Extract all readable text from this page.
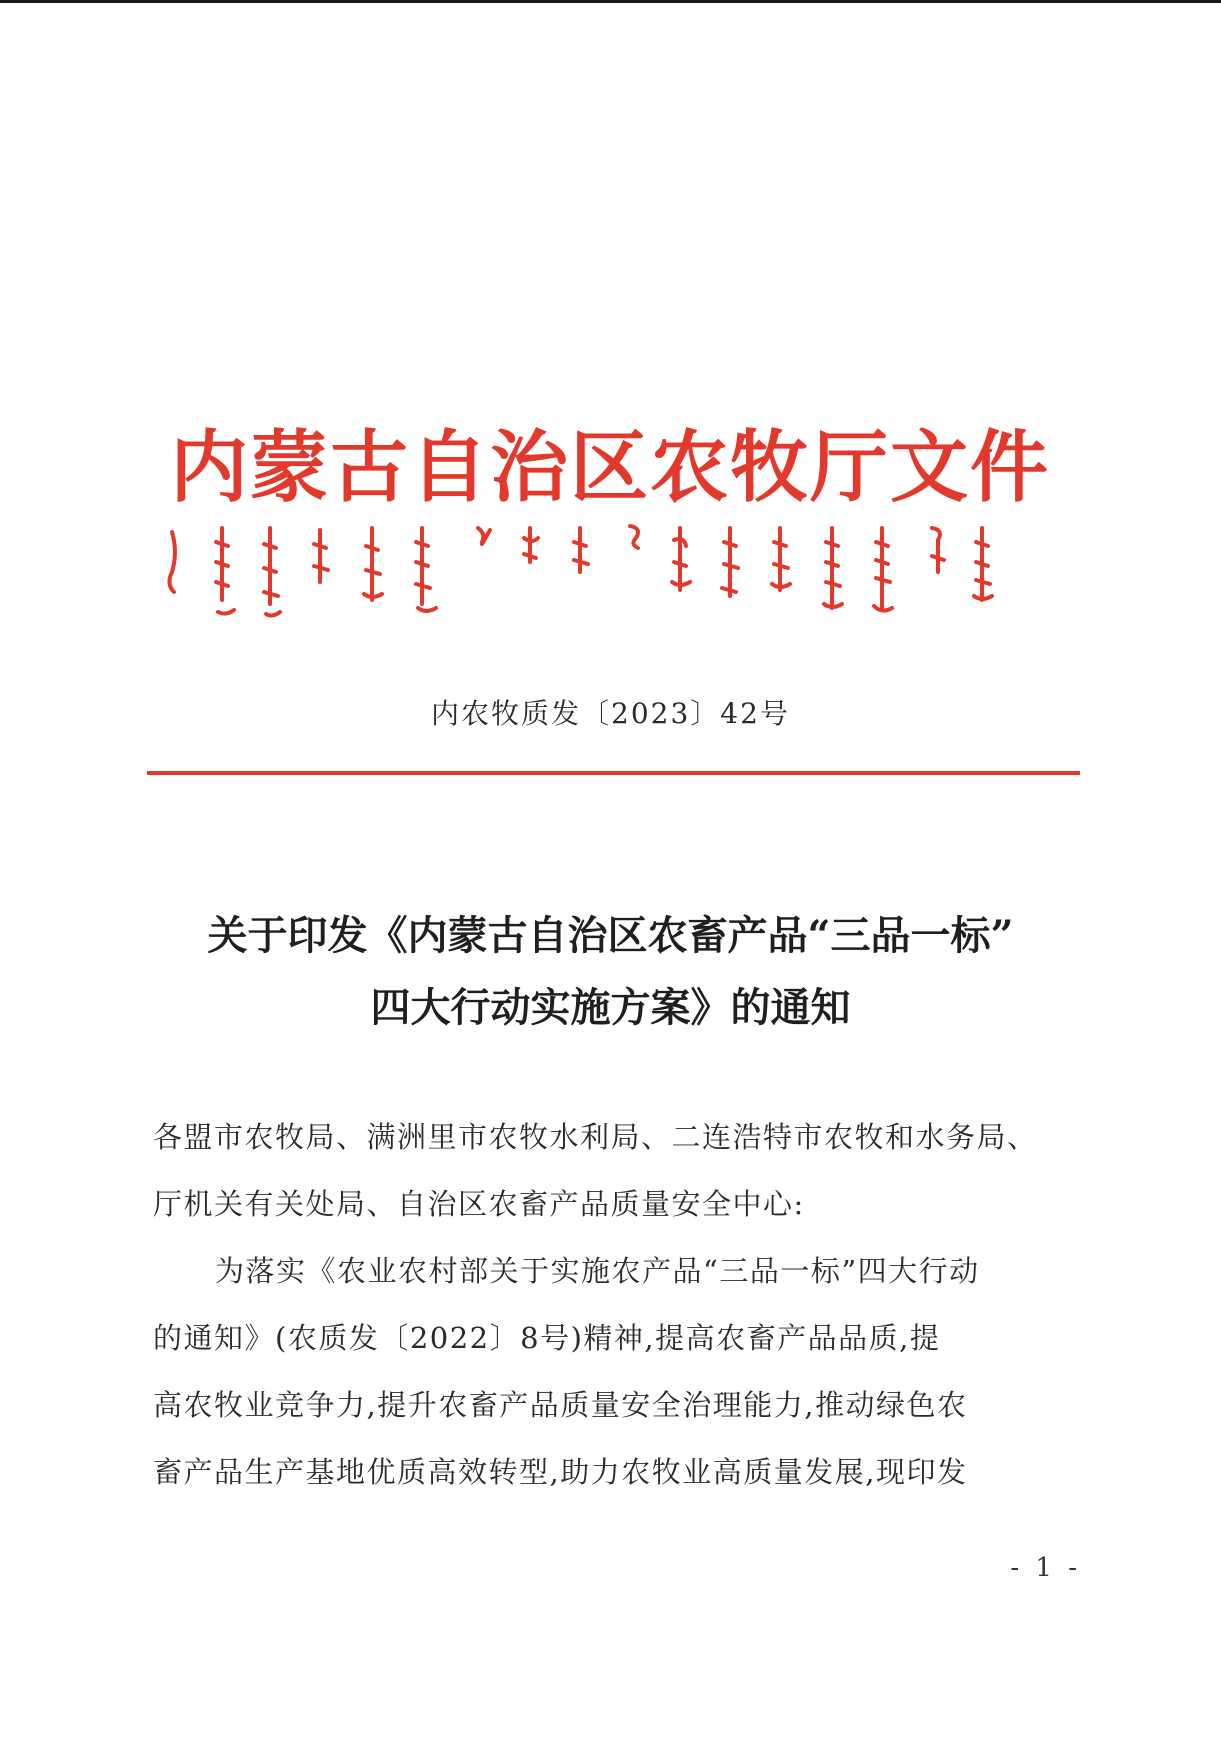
内蒙古自治区农牧厅文件
内农牧质发〔2023〕42号
关于印发《内蒙古自治区农畜产品“三品一标”
四大行动实施方案》的通知
各盟市农牧局、满洲里市农牧水利局、二连浩特市农牧和水务局、
厅机关有关处局、自治区农畜产品质量安全中心:
为落实《农业农村部关于实施农产品“三品一标”四大行动
的通知》(农质发〔2022〕8号)精神,提高农畜产品品质,提
高农牧业竞争力,提升农畜产品质量安全治理能力,推动绿色农
畜产品生产基地优质高效转型,助力农牧业高质量发展,现印发
- 1 -
